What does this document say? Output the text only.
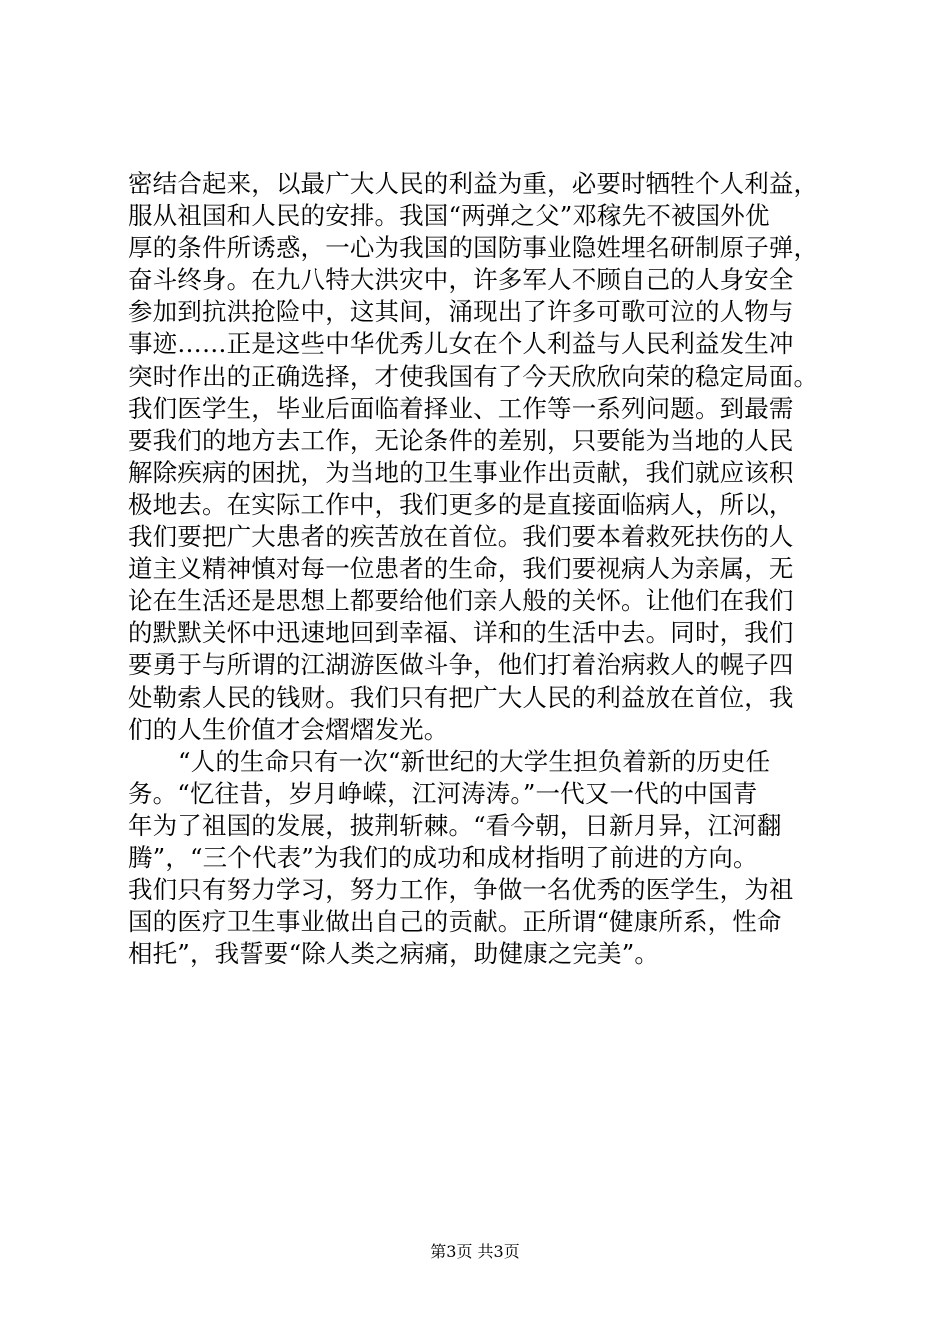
密结合起来，以最广大人民的利益为重，必要时牺牲个人利益，
服从祖国和人民的安排。我国“两弹之父”邓稼先不被国外优
厚的条件所诱惑，一心为我国的国防事业隐姓埋名研制原子弹，
奋斗终身。在九八特大洪灾中，许多军人不顾自己的人身安全
参加到抗洪抢险中，这其间，涌现出了许多可歌可泣的人物与
事迹……正是这些中华优秀儿女在个人利益与人民利益发生冲
突时作出的正确选择，才使我国有了今天欣欣向荣的稳定局面。
我们医学生，毕业后面临着择业、工作等一系列问题。到最需
要我们的地方去工作，无论条件的差别，只要能为当地的人民
解除疾病的困扰，为当地的卫生事业作出贡献，我们就应该积
极地去。在实际工作中，我们更多的是直接面临病人，所以，
我们要把广大患者的疾苦放在首位。我们要本着救死扶伤的人
道主义精神慎对每一位患者的生命，我们要视病人为亲属，无
论在生活还是思想上都要给他们亲人般的关怀。让他们在我们
的默默关怀中迅速地回到幸福、详和的生活中去。同时，我们
要勇于与所谓的江湖游医做斗争，他们打着治病救人的幌子四
处勒索人民的钱财。我们只有把广大人民的利益放在首位，我
们的人生价值才会熠熠发光。
“人的生命只有一次“新世纪的大学生担负着新的历史任
务。“忆往昔，岁月峥嵘，江河涛涛。”一代又一代的中国青
年为了祖国的发展，披荆斩棘。“看今朝，日新月异，江河翻
腾”，“三个代表”为我们的成功和成材指明了前进的方向。
我们只有努力学习，努力工作，争做一名优秀的医学生，为祖
国的医疗卫生事业做出自己的贡献。正所谓“健康所系，性命
相托”，我誓要“除人类之病痛，助健康之完美”。
第3页 共3页
